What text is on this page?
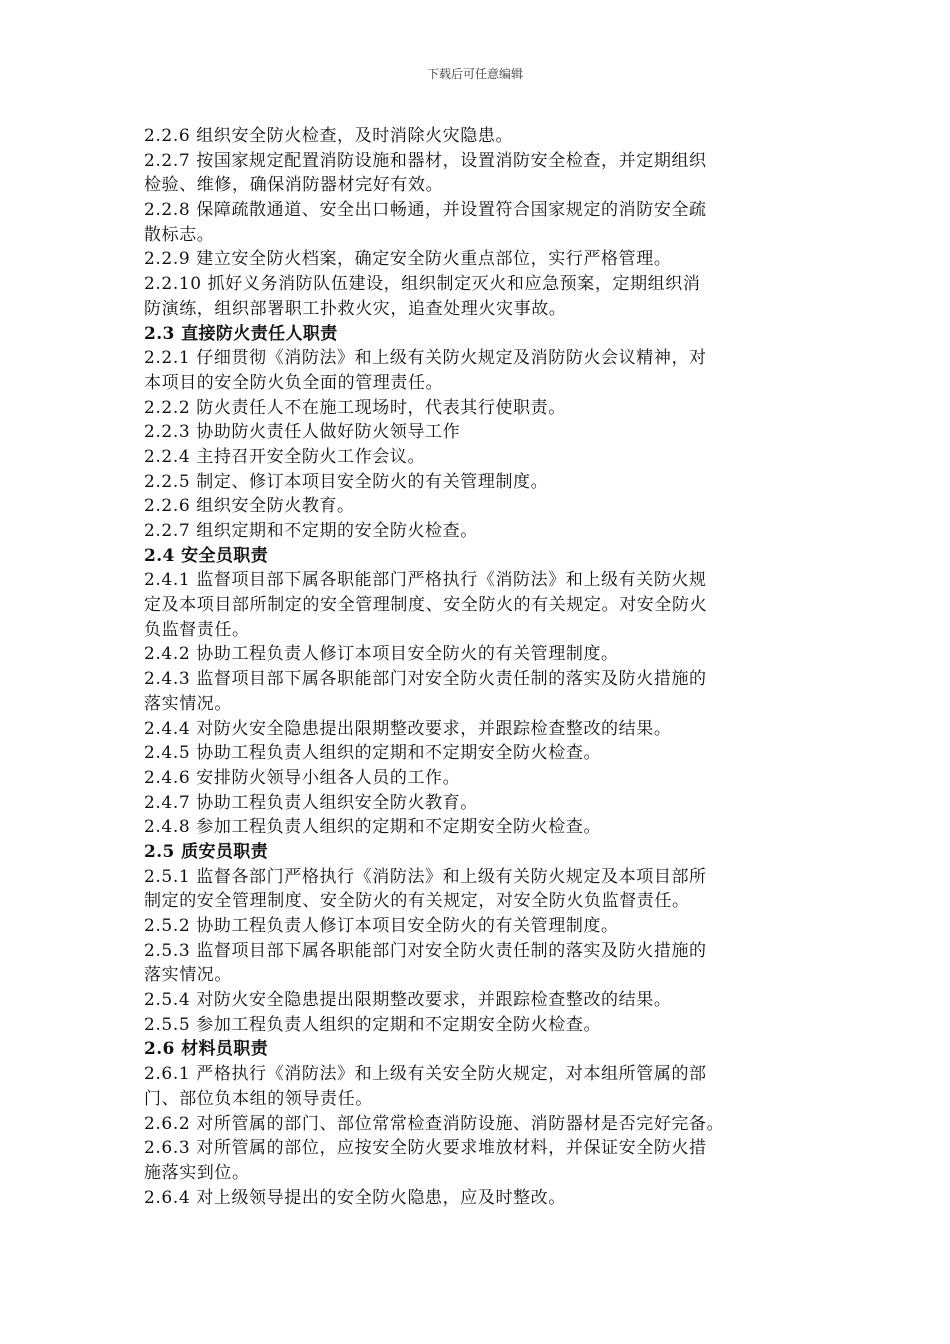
下载后可任意编辑
2.2.6 组织安全防火检查，及时消除火灾隐患。
2.2.7 按国家规定配置消防设施和器材，设置消防安全检查，并定期组织
检验、维修，确保消防器材完好有效。
2.2.8 保障疏散通道、安全出口畅通，并设置符合国家规定的消防安全疏
散标志。
2.2.9 建立安全防火档案，确定安全防火重点部位，实行严格管理。
2.2.10 抓好义务消防队伍建设，组织制定灭火和应急预案，定期组织消
防演练，组织部署职工扑救火灾，追查处理火灾事故。
2.3 直接防火责任人职责
2.2.1 仔细贯彻《消防法》和上级有关防火规定及消防防火会议精神，对
本项目的安全防火负全面的管理责任。
2.2.2 防火责任人不在施工现场时，代表其行使职责。
2.2.3 协助防火责任人做好防火领导工作
2.2.4 主持召开安全防火工作会议。
2.2.5 制定、修订本项目安全防火的有关管理制度。
2.2.6 组织安全防火教育。
2.2.7 组织定期和不定期的安全防火检查。
2.4 安全员职责
2.4.1 监督项目部下属各职能部门严格执行《消防法》和上级有关防火规
定及本项目部所制定的安全管理制度、安全防火的有关规定。对安全防火
负监督责任。
2.4.2 协助工程负责人修订本项目安全防火的有关管理制度。
2.4.3 监督项目部下属各职能部门对安全防火责任制的落实及防火措施的
落实情况。
2.4.4 对防火安全隐患提出限期整改要求，并跟踪检查整改的结果。
2.4.5 协助工程负责人组织的定期和不定期安全防火检查。
2.4.6 安排防火领导小组各人员的工作。
2.4.7 协助工程负责人组织安全防火教育。
2.4.8 参加工程负责人组织的定期和不定期安全防火检查。
2.5 质安员职责
2.5.1 监督各部门严格执行《消防法》和上级有关防火规定及本项目部所
制定的安全管理制度、安全防火的有关规定，对安全防火负监督责任。
2.5.2 协助工程负责人修订本项目安全防火的有关管理制度。
2.5.3 监督项目部下属各职能部门对安全防火责任制的落实及防火措施的
落实情况。
2.5.4 对防火安全隐患提出限期整改要求，并跟踪检查整改的结果。
2.5.5 参加工程负责人组织的定期和不定期安全防火检查。
2.6 材料员职责
2.6.1 严格执行《消防法》和上级有关安全防火规定，对本组所管属的部
门、部位负本组的领导责任。
2.6.2 对所管属的部门、部位常常检查消防设施、消防器材是否完好完备。
2.6.3 对所管属的部位，应按安全防火要求堆放材料，并保证安全防火措
施落实到位。
2.6.4 对上级领导提出的安全防火隐患，应及时整改。
